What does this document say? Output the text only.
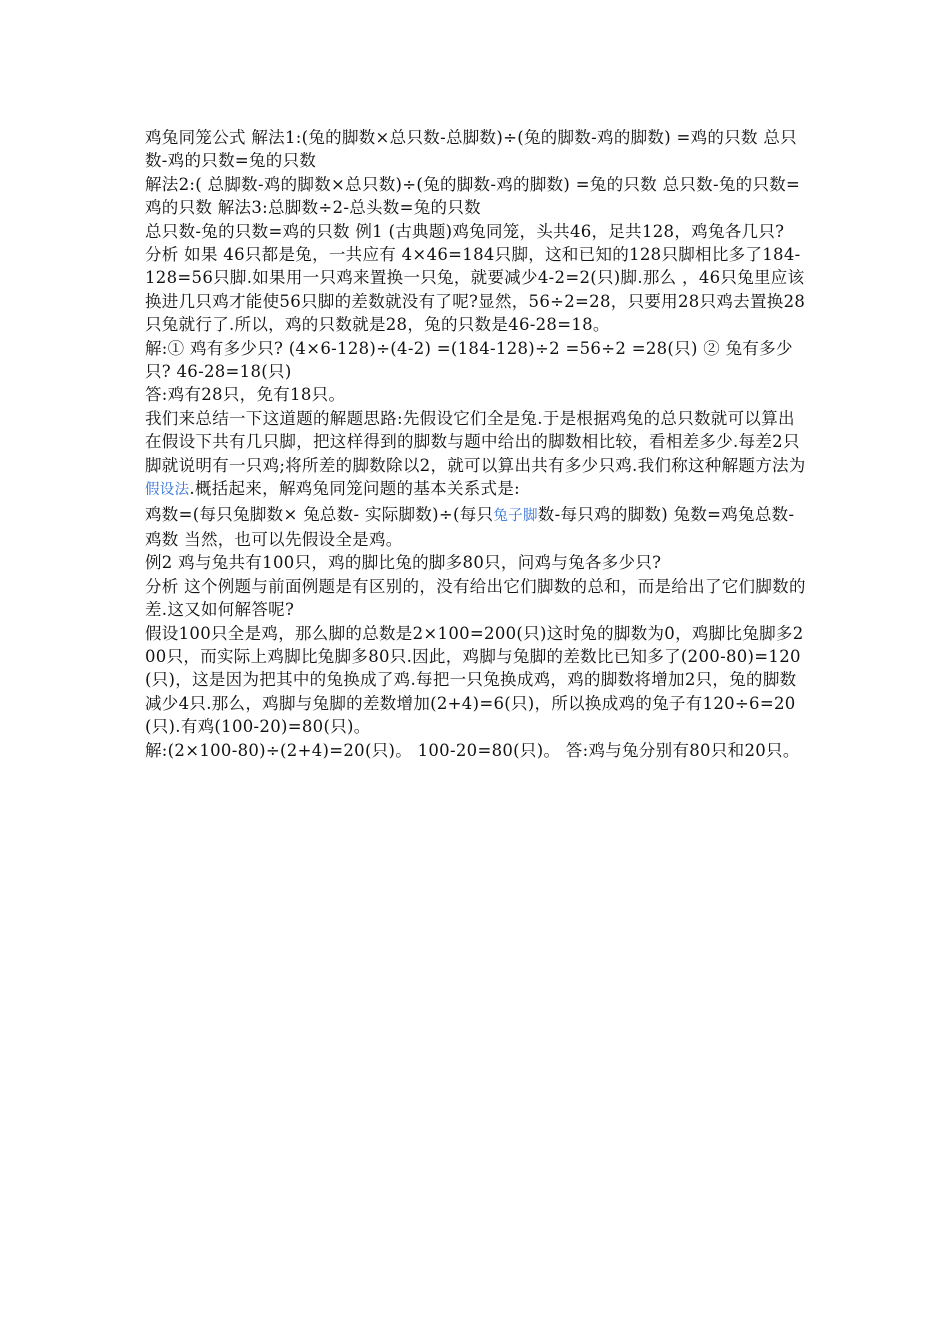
鸡兔同笼公式 解法1:(兔的脚数×总只数-总脚数)÷(兔的脚数-鸡的脚数) =鸡的只数 总只数-鸡的只数=兔的只数

解法2:( 总脚数-鸡的脚数×总只数)÷(兔的脚数-鸡的脚数) =兔的只数 总只数-兔的只数=鸡的只数 解法3:总脚数÷2-总头数=兔的只数

总只数-兔的只数=鸡的只数 例1 (古典题)鸡兔同笼，头共46，足共128，鸡兔各几只?

分析 如果 46只都是兔，一共应有 4×46=184只脚，这和已知的128只脚相比多了184-128=56只脚.如果用一只鸡来置换一只兔，就要减少4-2=2(只)脚.那么 ，46只兔里应该换进几只鸡才能使56只脚的差数就没有了呢?显然，56÷2=28，只要用28只鸡去置换28只兔就行了.所以，鸡的只数就是28，兔的只数是46-28=18。

解:① 鸡有多少只? (4×6-128)÷(4-2) =(184-128)÷2 =56÷2 =28(只) ② 兔有多少只? 46-28=18(只)

答:鸡有28只，免有18只。

我们来总结一下这道题的解题思路:先假设它们全是兔.于是根据鸡兔的总只数就可以算出在假设下共有几只脚，把这样得到的脚数与题中给出的脚数相比较，看相差多少.每差2只脚就说明有一只鸡;将所差的脚数除以2，就可以算出共有多少只鸡.我们称这种解题方法为假设法.概括起来，解鸡兔同笼问题的基本关系式是:

鸡数=(每只兔脚数× 兔总数- 实际脚数)÷(每只兔子脚数-每只鸡的脚数) 兔数=鸡兔总数-鸡数 当然，也可以先假设全是鸡。

例2 鸡与兔共有100只，鸡的脚比兔的脚多80只，问鸡与兔各多少只?

分析 这个例题与前面例题是有区别的，没有给出它们脚数的总和，而是给出了它们脚数的差.这又如何解答呢?

假设100只全是鸡，那么脚的总数是2×100=200(只)这时兔的脚数为0，鸡脚比兔脚多200只，而实际上鸡脚比兔脚多80只.因此，鸡脚与兔脚的差数比已知多了(200-80)=120(只)，这是因为把其中的兔换成了鸡.每把一只兔换成鸡，鸡的脚数将增加2只，兔的脚数减少4只.那么，鸡脚与兔脚的差数增加(2+4)=6(只)，所以换成鸡的兔子有120÷6=20(只).有鸡(100-20)=80(只)。

解:(2×100-80)÷(2+4)=20(只)。 100-20=80(只)。 答:鸡与兔分别有80只和20只。
